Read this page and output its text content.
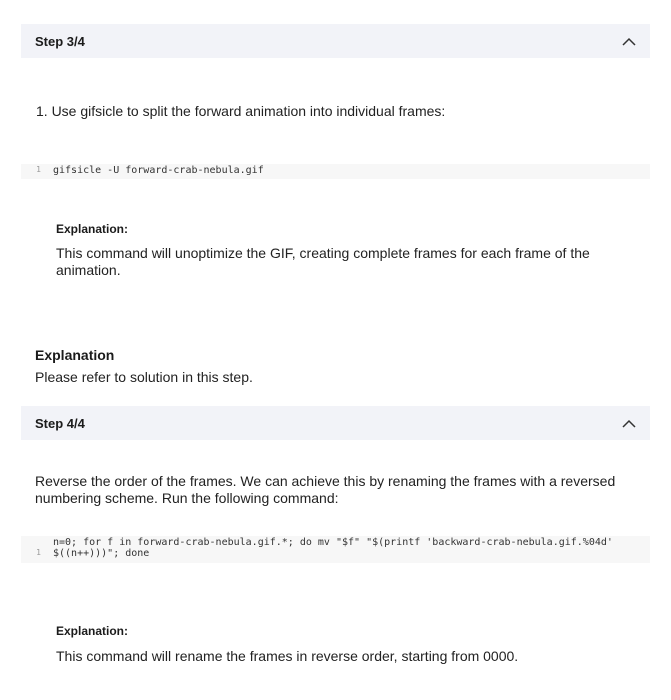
Step 3/4
1. Use gifsicle to split the forward animation into individual frames:
1	gifsicle -U forward-crab-nebula.gif
Explanation:
This command will unoptimize the GIF, creating complete frames for each frame of the animation.
Explanation
Please refer to solution in this step.
Step 4/4
Reverse the order of the frames. We can achieve this by renaming the frames with a reversed numbering scheme. Run the following command:
n=0; for f in forward-crab-nebula.gif.*; do mv "$f" "$(printf 'backward-crab-nebula.gif.%04d'
1	$((n++)))"; done
Explanation:
This command will rename the frames in reverse order, starting from 0000.
